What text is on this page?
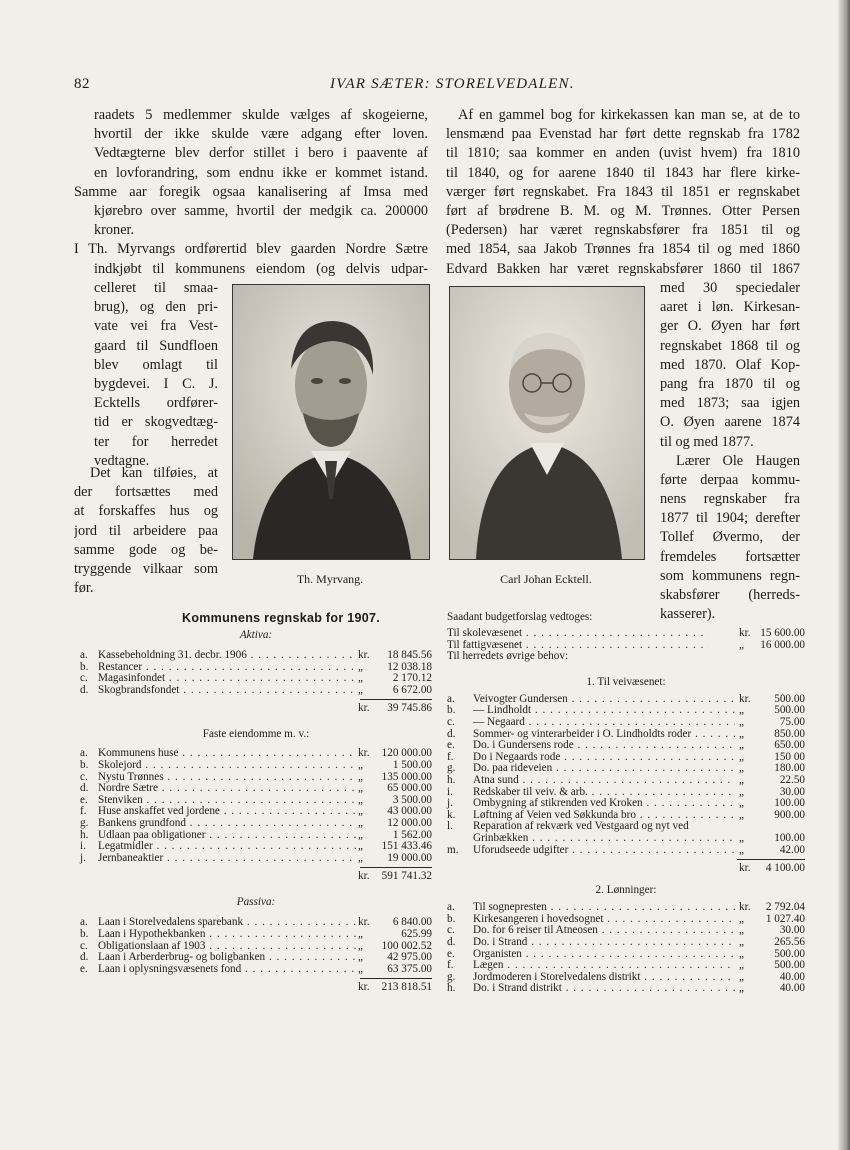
82	IVAR SÆTER: STORELVEDALEN.
raadets 5 medlemmer skulde vælges af skogeierne,
hvortil der ikke skulde være adgang efter loven.
Vedtægterne blev derfor stillet i bero i paavente af
en lovforandring, som endnu ikke er kommet istand.
Samme aar foregik ogsaa kanalisering af Imsa med
kjørebro over samme, hvortil der medgik ca. 200000
kroner.
I Th. Myrvangs ordførertid blev gaarden Nordre Sætre
indkjøbt til kommunens eiendom (og delvis udpar-
celleret til smaa-
brug), og den pri-
vate vei fra Vest-
gaard til Sundfloen
blev omlagt til
bygdevei. I C. J.
Ecktells ordfører-
tid er skogvedtæg-
ter for herredet
vedtagne.
Det kan tilføies, at
der fortsættes med
at forskaffes hus og
jord til arbeidere paa
samme gode og be-
tryggende vilkaar som
før.
Th. Myrvang.
Af en gammel bog for kirkekassen kan man se, at de to
lensmænd paa Evenstad har ført dette regnskab fra 1782
til 1810; saa kommer en anden (uvist hvem) fra 1810
til 1840, og for aarene 1840 til 1843 har flere kirke-
værger ført regnskabet. Fra 1843 til 1851 er regnskabet
ført af brødrene B. M. og M. Trønnes. Otter Persen
(Pedersen) har været regnskabsfører fra 1851 til og
med 1854, saa Jakob Trønnes fra 1854 til og med 1860
Edvard Bakken har været regnskabsfører 1860 til 1867
Carl Johan Ecktell.
med 30 speciedaler
aaret i løn. Kirkesan-
ger O. Øyen har ført
regnskabet 1868 til og
med 1870. Olaf Kop-
pang fra 1870 til og
med 1873; saa igjen
O. Øyen aarene 1874
til og med 1877.
Lærer Ole Haugen
førte derpaa kommu-
nens regnskaber fra
1877 til 1904; derefter
Tollef Øvermo, der
fremdeles fortsætter
som kommunens regn-
skabsfører (herreds-
kasserer).
Kommunens regnskab for 1907.
Aktiva:
a. Kassebeholdning 31. decbr. 1906 . . .	kr. 18 845.56
b. Restancer . . .	„ 12 038.18
c. Magasinfondet . . .	„	2 170.12
d. Skogbrandsfondet . . .	„	6 672.00
kr. 39 745.86
Faste eiendomme m. v.:
a. Kommunens huse . . .	kr. 120 000.00
b. Skolejord . . .	„	1 500.00
c. Nystu Trønnes . . .	„ 135 000.00
d. Nordre Sætre . . .	„ 65 000.00
e. Stenviken . . .	„	3 500.00
f.	Huse anskaffet ved jordene . . .	„ 43 000.00
g. Bankens grundfond . . .	„ 12 000.00
h. Udlaan paa obligationer . . .	„	1 562.00
i.	Legatmidler . . .	„ 151 433.46
j.	Jernbaneaktier . . .	„ 19 000.00
kr. 591 741.32
Passiva:
a. Laan i Storelvedalens sparebank . . .	kr. 6 840.00
b. Laan i Hypothekbanken . . .	„	625.99
c. Obligationslaan af 1903 . . .	„ 100 002.52
d. Laan i Arberderbrug- og boligbanken . . .	„ 42 975.00
e. Laan i oplysningsvæsenets fond . . .	„ 63 375.00
kr. 213 818.51
Saadant budgetforslag vedtoges:
Til skolevæsenet . . .	kr. 15 600.00
Til fattigvæsenet . . .	„ 16 000.00
Til herredets øvrige behov:
1. Til veivæsenet:
a.	Veivogter Gundersen . . .	kr. 500.00
b.	— Lindholdt . . .	„	500.00
c.	— Negaard . . .	„	75.00
d.	Sommer- og vinterarbeider i O. Lindholdts roder . . .	„	850.00
e.	Do. i Gundersens rode . . .	„	650.00
f.	Do i Negaards rode . . .	„	150 00
g.	Do. paa rideveien . . .	„	180.00
h.	Atna sund . . .	„	22.50
i.	Redskaber til veiv. & arb. . . .	„	30.00
j.	Ombygning af stikrenden ved Kroken . . .	„	100.00
k.	Løftning af Veien ved Søkkunda bro . . .	„	900.00
l.	Reparation af rekværk ved Vestgaard og nyt ved
Grinbækken . . .	„	100.00
m. Uforudseede udgifter . . .	„	42.00
kr. 4 100.00
2. Lønninger:
a.	Til sognepresten . . .	kr. 2 792.04
b.	Kirkesangeren i hovedsognet . . .	„ 1 027.40
c.	Do. for 6 reiser til Atneosen . . .	„	30.00
d.	Do. i Strand . . .	„	265.56
e.	Organisten . . .	„	500.00
f.	Lægen . . .	„	500.00
g.	Jordmoderen i Storelvedalens distrikt . . .	„	40.00
h.	Do. i Strand distrikt . . .	„	40.00
